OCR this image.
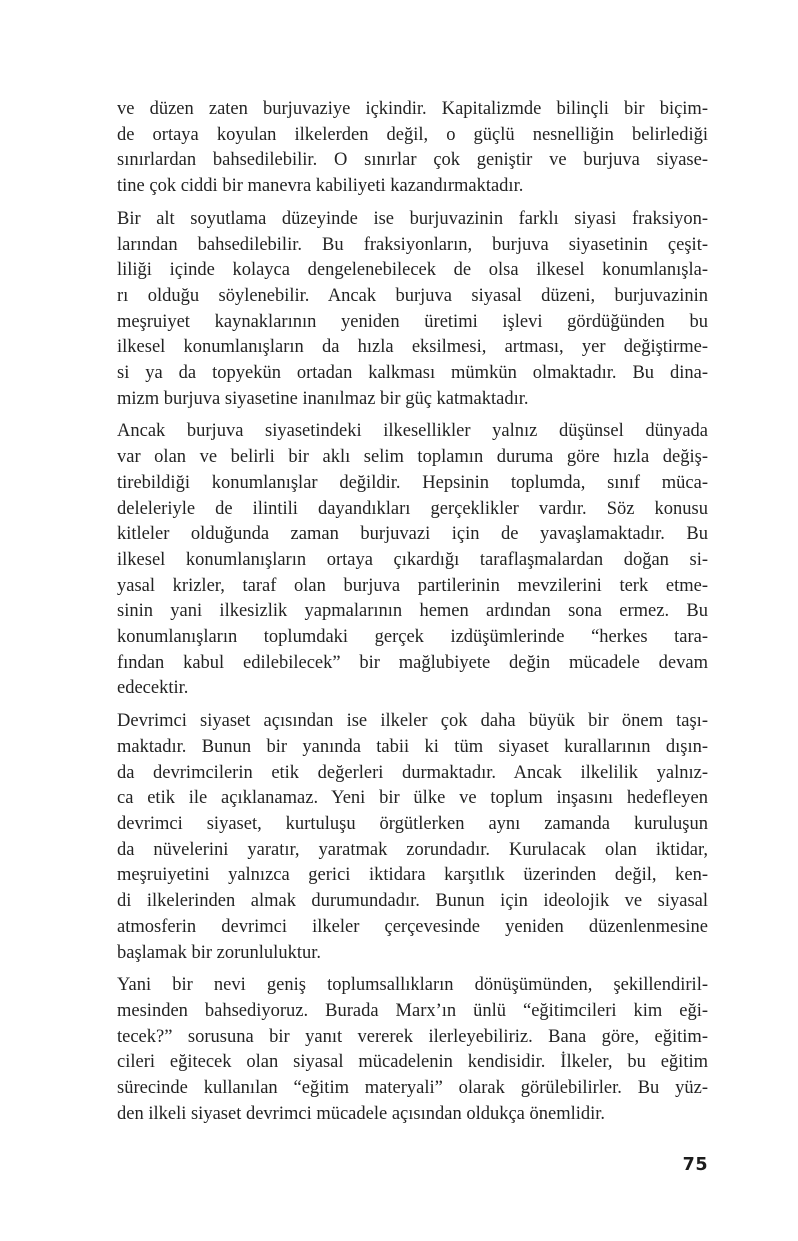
ve düzen zaten burjuvaziye içkindir. Kapitalizmde bilinçli bir biçim-
de ortaya koyulan ilkelerden değil, o güçlü nesnelliğin belirlediği
sınırlardan bahsedilebilir. O sınırlar çok geniştir ve burjuva siyase-
tine çok ciddi bir manevra kabiliyeti kazandırmaktadır.

Bir alt soyutlama düzeyinde ise burjuvazinin farklı siyasi fraksiyon-
larından bahsedilebilir. Bu fraksiyonların, burjuva siyasetinin çeşit-
liliği içinde kolayca dengelenebilecek de olsa ilkesel konumlanışla-
rı olduğu söylenebilir. Ancak burjuva siyasal düzeni, burjuvazinin
meşruiyet kaynaklarının yeniden üretimi işlevi gördüğünden bu
ilkesel konumlanışların da hızla eksilmesi, artması, yer değiştirme-
si ya da topyekün ortadan kalkması mümkün olmaktadır. Bu dina-
mizm burjuva siyasetine inanılmaz bir güç katmaktadır.

Ancak burjuva siyasetindeki ilkesellikler yalnız düşünsel dünyada
var olan ve belirli bir aklı selim toplamın duruma göre hızla değiş-
tirebildiği konumlanışlar değildir. Hepsinin toplumda, sınıf müca-
deleleriyle de ilintili dayandıkları gerçeklikler vardır. Söz konusu
kitleler olduğunda zaman burjuvazi için de yavaşlamaktadır. Bu
ilkesel konumlanışların ortaya çıkardığı taraflaşmalardan doğan si-
yasal krizler, taraf olan burjuva partilerinin mevzilerini terk etme-
sinin yani ilkesizlik yapmalarının hemen ardından sona ermez. Bu
konumlanışların toplumdaki gerçek izdüşümlerinde “herkes tara-
fından kabul edilebilecek” bir mağlubiyete değin mücadele devam
edecektir.

Devrimci siyaset açısından ise ilkeler çok daha büyük bir önem taşı-
maktadır. Bunun bir yanında tabii ki tüm siyaset kurallarının dışın-
da devrimcilerin etik değerleri durmaktadır. Ancak ilkelilik yalnız-
ca etik ile açıklanamaz. Yeni bir ülke ve toplum inşasını hedefleyen
devrimci siyaset, kurtuluşu örgütlerken aynı zamanda kuruluşun
da nüvelerini yaratır, yaratmak zorundadır. Kurulacak olan iktidar,
meşruiyetini yalnızca gerici iktidara karşıtlık üzerinden değil, ken-
di ilkelerinden almak durumundadır. Bunun için ideolojik ve siyasal
atmosferin devrimci ilkeler çerçevesinde yeniden düzenlenmesine
başlamak bir zorunluluktur.

Yani bir nevi geniş toplumsallıkların dönüşümünden, şekillendiril-
mesinden bahsediyoruz. Burada Marx’ın ünlü “eğitimcileri kim eği-
tecek?” sorusuna bir yanıt vererek ilerleyebiliriz. Bana göre, eğitim-
cileri eğitecek olan siyasal mücadelenin kendisidir. İlkeler, bu eğitim
sürecinde kullanılan “eğitim materyali” olarak görülebilirler. Bu yüz-
den ilkeli siyaset devrimci mücadele açısından oldukça önemlidir.

75
